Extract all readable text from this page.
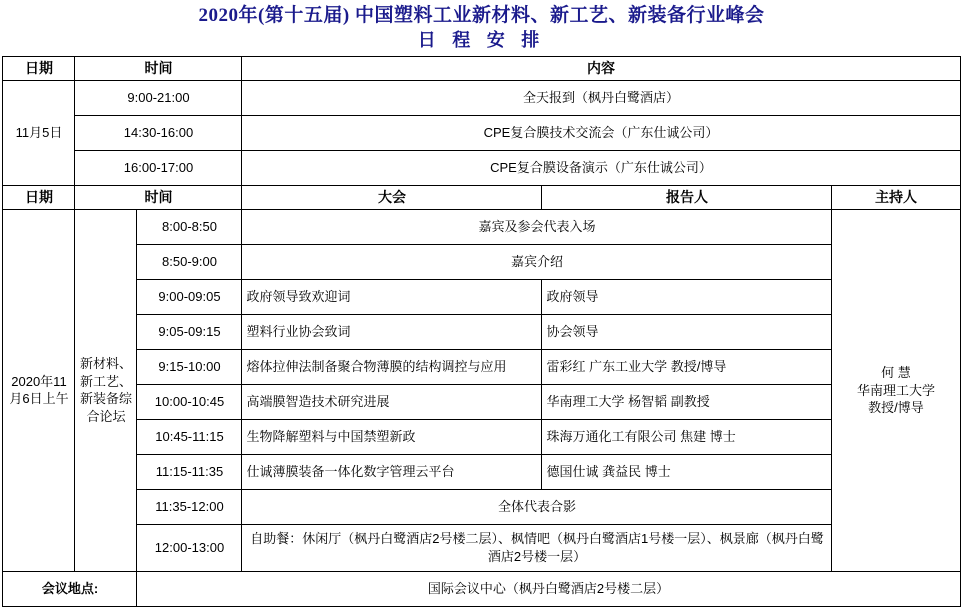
2020年(第十五届) 中国塑料工业新材料、新工艺、新装备行业峰会
日 程 安 排
日期	时间		内容		
11月5日	9:00-21:00		全天报到（枫丹白鹭酒店）		
	14:30-16:00		CPE复合膜技术交流会（广东仕诚公司）		
	16:00-17:00		CPE复合膜设备演示（广东仕诚公司）		
日期	时间		大会	报告人	主持人
2020年11月6日上午	新材料、新工艺、新装备综合论坛	8:00-8:50	嘉宾及参会代表入场		何 慧
华南理工大学
教授/博导

		8:50-9:00	嘉宾介绍		
		9:00-09:05	政府领导致欢迎词	政府领导	
		9:05-09:15	塑料行业协会致词	协会领导	
		9:15-10:00	熔体拉伸法制备聚合物薄膜的结构调控与应用	雷彩红 广东工业大学 教授/博导	
		10:00-10:45	高端膜智造技术研究进展	华南理工大学 杨智韬 副教授	
		10:45-11:15	生物降解塑料与中国禁塑新政	珠海万通化工有限公司 焦建 博士	
		11:15-11:35	仕诚薄膜装备一体化数字管理云平台	德国仕诚 龚益民 博士	
		11:35-12:00	全体代表合影		
		12:00-13:00	自助餐：休闲厅（枫丹白鹭酒店2号楼二层）、枫情吧（枫丹白鹭酒店1号楼一层）、枫景廊（枫丹白鹭酒店2号楼一层）		
会议地点:		国际会议中心（枫丹白鹭酒店2号楼二层）			
